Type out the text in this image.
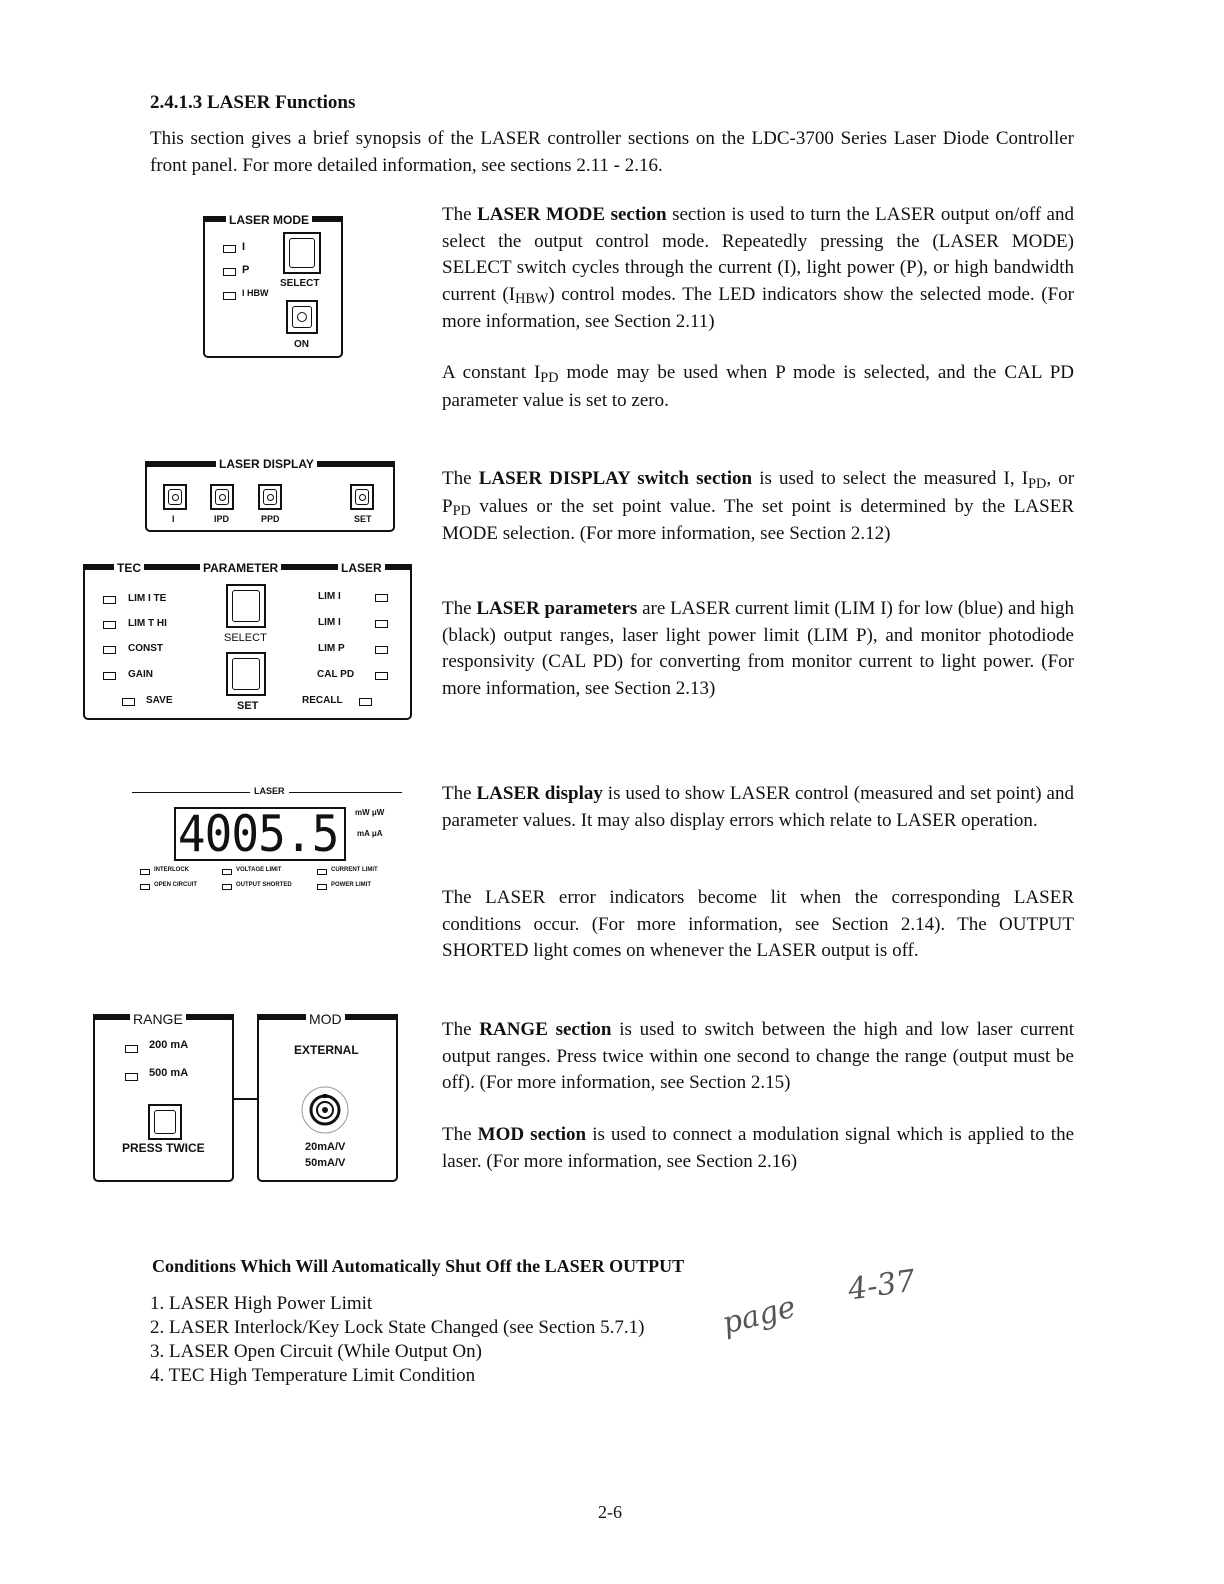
2.4.1.3 LASER Functions
This section gives a brief synopsis of the LASER controller sections on the LDC-3700 Series Laser Diode Controller front panel. For more detailed information, see sections 2.11 - 2.16.
LASER MODE
I
P
I HBW
SELECT
ON
The LASER MODE section section is used to turn the LASER output on/off and select the output control mode. Repeatedly pressing the (LASER MODE) SELECT switch cycles through the current (I), light power (P), or high bandwidth current $(I_{HBW})$ control modes. The LED indicators show the selected mode. (For more information, see Section 2.11)
A constant $I_{PD}$ mode may be used when P mode is selected, and the CAL PD parameter value is set to zero.
LASER DISPLAY
I	IPD	PPD	SET
The LASER DISPLAY switch section is used to select the measured I, $I_{PD}$, or $P_{PD}$ values or the set point value. The set point is determined by the LASER MODE selection. (For more information, see Section 2.12)
TEC	PARAMETER	LASER
LIM I TE
LIM T HI
CONST
GAIN
SAVE
SELECT
SET
LIM I
LIM I
LIM P
CAL PD
RECALL
The LASER parameters are LASER current limit (LIM I) for low (blue) and high (black) output ranges, laser light power limit (LIM P), and monitor photodiode responsivity (CAL PD) for converting from monitor current to light power. (For more information, see Section 2.13)
LASER
4005.5 mW μW
mA μA
INTERLOCK	VOLTAGE LIMIT	CURRENT LIMIT
OPEN CIRCUIT	OUTPUT SHORTED	POWER LIMIT
The LASER display is used to show LASER control (measured and set point) and parameter values. It may also display errors which relate to LASER operation.
The LASER error indicators become lit when the corresponding LASER conditions occur. (For more information, see Section 2.14). The OUTPUT SHORTED light comes on whenever the LASER output is off.
RANGE
200 mA
500 mA
PRESS TWICE
MOD
EXTERNAL
20mA/V
50mA/V
The RANGE section is used to switch between the high and low laser current output ranges. Press twice within one second to change the range (output must be off). (For more information, see Section 2.15)
The MOD section is used to connect a modulation signal which is applied to the laser. (For more information, see Section 2.16)
Conditions Which Will Automatically Shut Off the LASER OUTPUT
1. LASER High Power Limit
2. LASER Interlock/Key Lock State Changed (see Section 5.7.1)
3. LASER Open Circuit (While Output On)
4. TEC High Temperature Limit Condition
page
4-37
2-6
